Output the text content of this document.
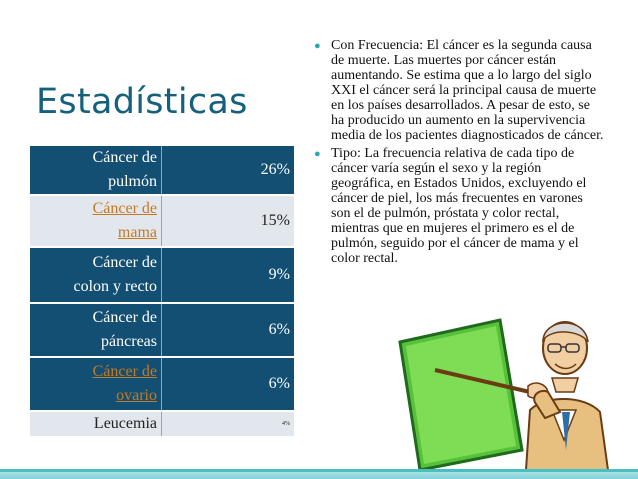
Estadísticas
Cáncer de
pulmón	26%
Cáncer de
mama	15%
Cáncer de
colon y recto	9%
Cáncer de
páncreas	6%
Cáncer de
ovario	6%
Leucemia	4%
● Con Frecuencia: El cáncer es la segunda causa de muerte. Las muertes por cáncer están aumentando. Se estima que a lo largo del siglo XXI el cáncer será la principal causa de muerte en los países desarrollados. A pesar de esto, se ha producido un aumento en la supervivencia media de los pacientes diagnosticados de cáncer.
● Tipo: La frecuencia relativa de cada tipo de cáncer varía según el sexo y la región geográfica, en Estados Unidos, excluyendo el cáncer de piel, los más frecuentes en varones son el de pulmón, próstata y color rectal, mientras que en mujeres el primero es el de pulmón, seguido por el cáncer de mama y el color rectal.
